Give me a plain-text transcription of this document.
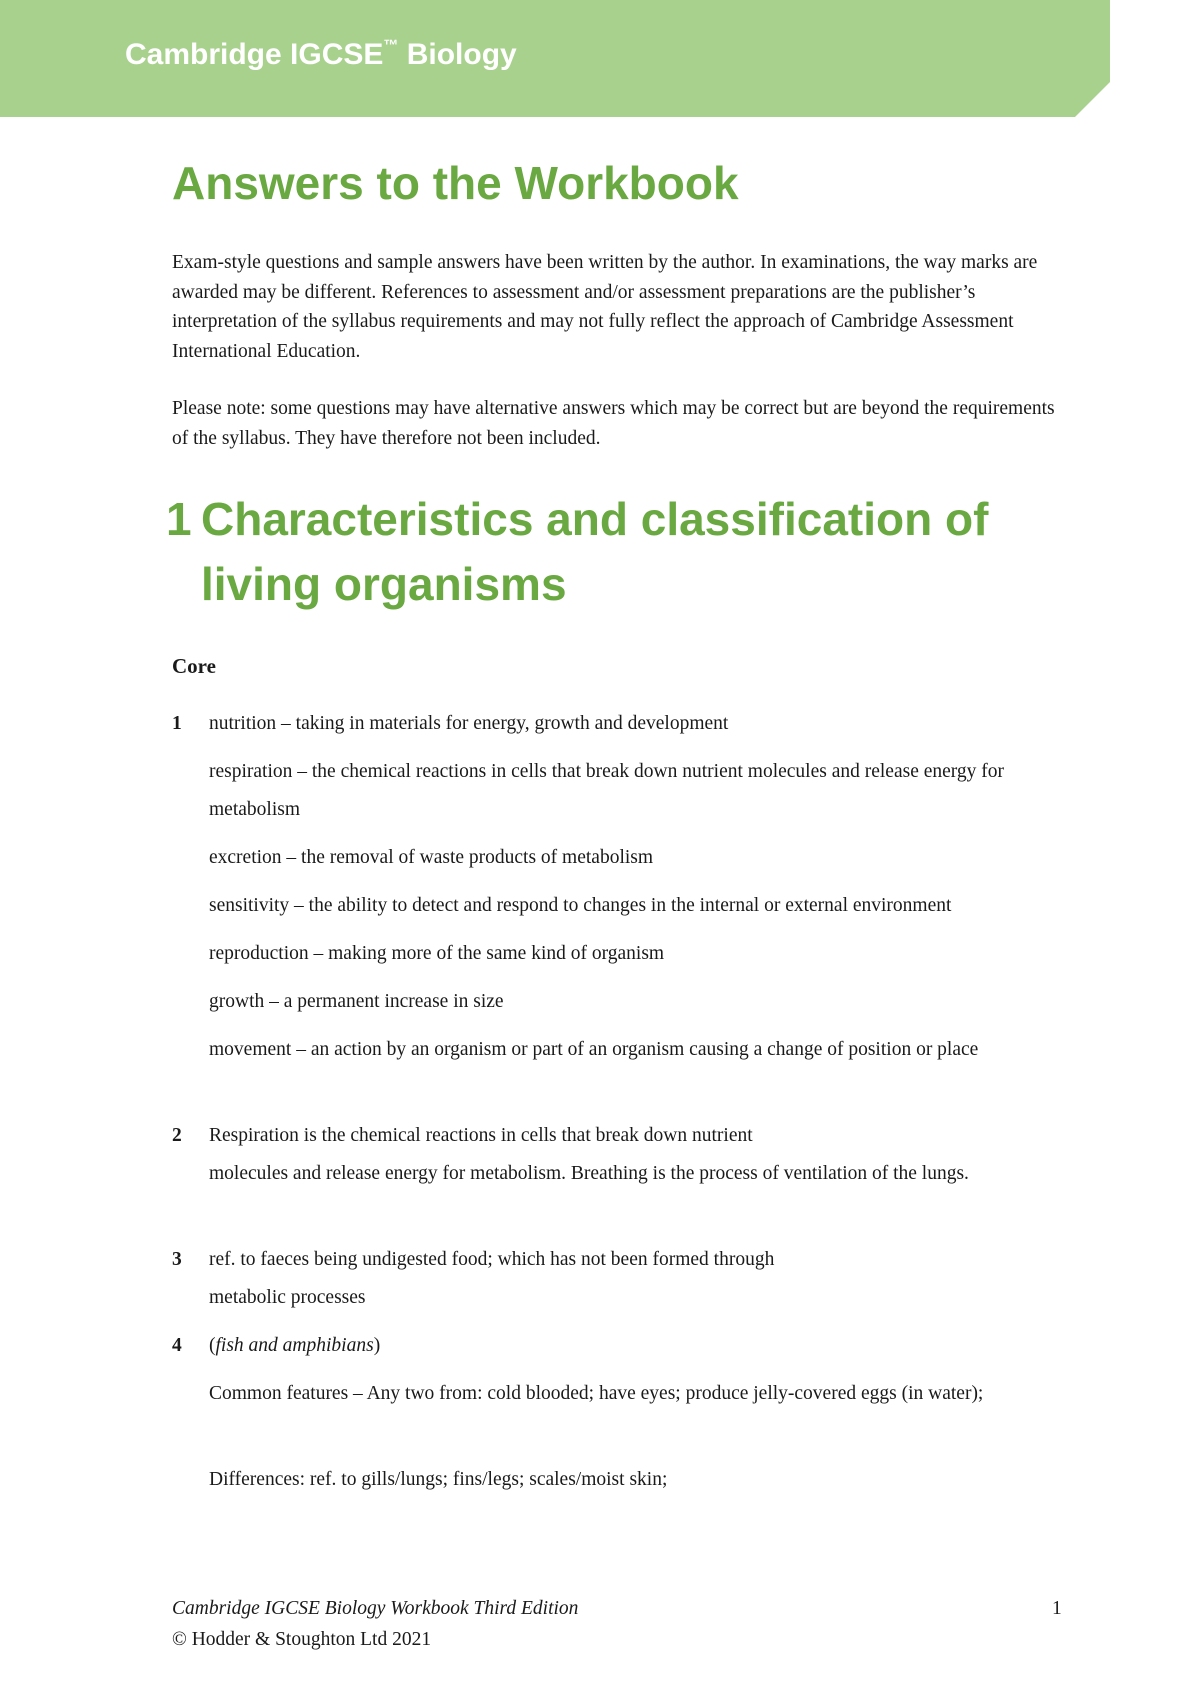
Cambridge IGCSE™ Biology
Answers to the Workbook

Exam-style questions and sample answers have been written by the author. In examinations, the way marks are awarded may be different. References to assessment and/or assessment preparations are the publisher’s interpretation of the syllabus requirements and may not fully reflect the approach of Cambridge Assessment International Education.

Please note: some questions may have alternative answers which may be correct but are beyond the requirements of the syllabus. They have therefore not been included.

1 Characteristics and classification of living organisms
Core
1 nutrition – taking in materials for energy, growth and development

respiration – the chemical reactions in cells that break down nutrient molecules and release energy for metabolism

excretion – the removal of waste products of metabolism

sensitivity – the ability to detect and respond to changes in the internal or external environment

reproduction – making more of the same kind of organism

growth – a permanent increase in size

movement – an action by an organism or part of an organism causing a change of position or place

2 Respiration is the chemical reactions in cells that break down nutrient

molecules and release energy for metabolism. Breathing is the process of ventilation of the lungs.

3 ref. to faeces being undigested food; which has not been formed through

metabolic processes

4 (fish and amphibians)

Common features – Any two from: cold blooded; have eyes; produce jelly-covered eggs (in water);

Differences: ref. to gills/lungs; fins/legs; scales/moist skin;

Cambridge IGCSE Biology Workbook Third Edition
© Hodder & Stoughton Ltd 2021
1
